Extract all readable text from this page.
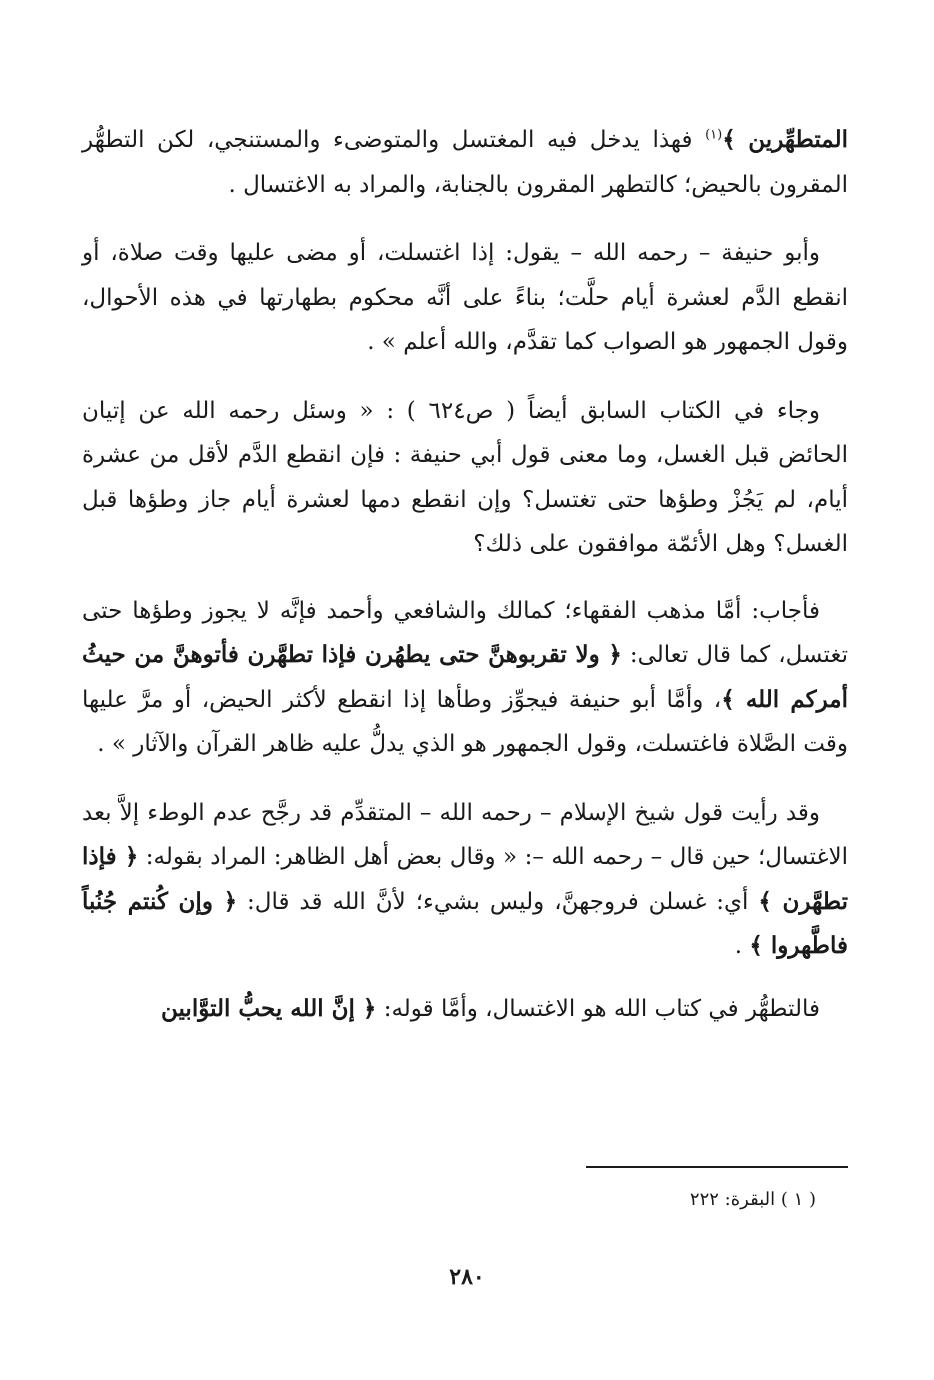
المتطهِّرين ﴾$^{(١)}$ فهذا يدخل فيه المغتسل والمتوضىء والمستنجي، لكن التطهُّر المقرون بالحيض؛ كالتطهر المقرون بالجنابة، والمراد به الاغتسال .

وأبو حنيفة – رحمه الله – يقول: إذا اغتسلت، أو مضى عليها وقت صلاة، أو انقطع الدَّم لعشرة أيام حلَّت؛ بناءً على أنَّه محكوم بطهارتها في هذه الأحوال، وقول الجمهور هو الصواب كما تقدَّم، والله أعلم » .

وجاء في الكتاب السابق أيضاً ( ص٦٢٤ ) : « وسئل رحمه الله عن إتيان الحائض قبل الغسل، وما معنى قول أبي حنيفة : فإن انقطع الدَّم لأقل من عشرة أيام، لم يَجُزْ وطؤها حتى تغتسل؟ وإن انقطع دمها لعشرة أيام جاز وطؤها قبل الغسل؟ وهل الأئمّة موافقون على ذلك؟

فأجاب: أمَّا مذهب الفقهاء؛ كمالك والشافعي وأحمد فإنَّه لا يجوز وطؤها حتى تغتسل، كما قال تعالى: ﴿ ولا تقربوهنَّ حتى يطهُرن فإذا تطهَّرن فأتوهنَّ من حيثُ أمركم الله ﴾، وأمَّا أبو حنيفة فيجوِّز وطأها إذا انقطع لأكثر الحيض، أو مرَّ عليها وقت الصَّلاة فاغتسلت، وقول الجمهور هو الذي يدلُّ عليه ظاهر القرآن والآثار » .

وقد رأيت قول شيخ الإسلام – رحمه الله – المتقدِّم قد رجَّح عدم الوطء إلاَّ بعد الاغتسال؛ حين قال – رحمه الله –: « وقال بعض أهل الظاهر: المراد بقوله: ﴿ فإذا تطهَّرن ﴾ أي: غسلن فروجهنَّ، وليس بشيء؛ لأنَّ الله قد قال: ﴿ وإن كُنتم جُنُباً فاطَّهروا ﴾ .

فالتطهُّر في كتاب الله هو الاغتسال، وأمَّا قوله: ﴿ إنَّ الله يحبُّ التوَّابين

( ١ ) البقرة: ٢٢٢
٢٨٠
